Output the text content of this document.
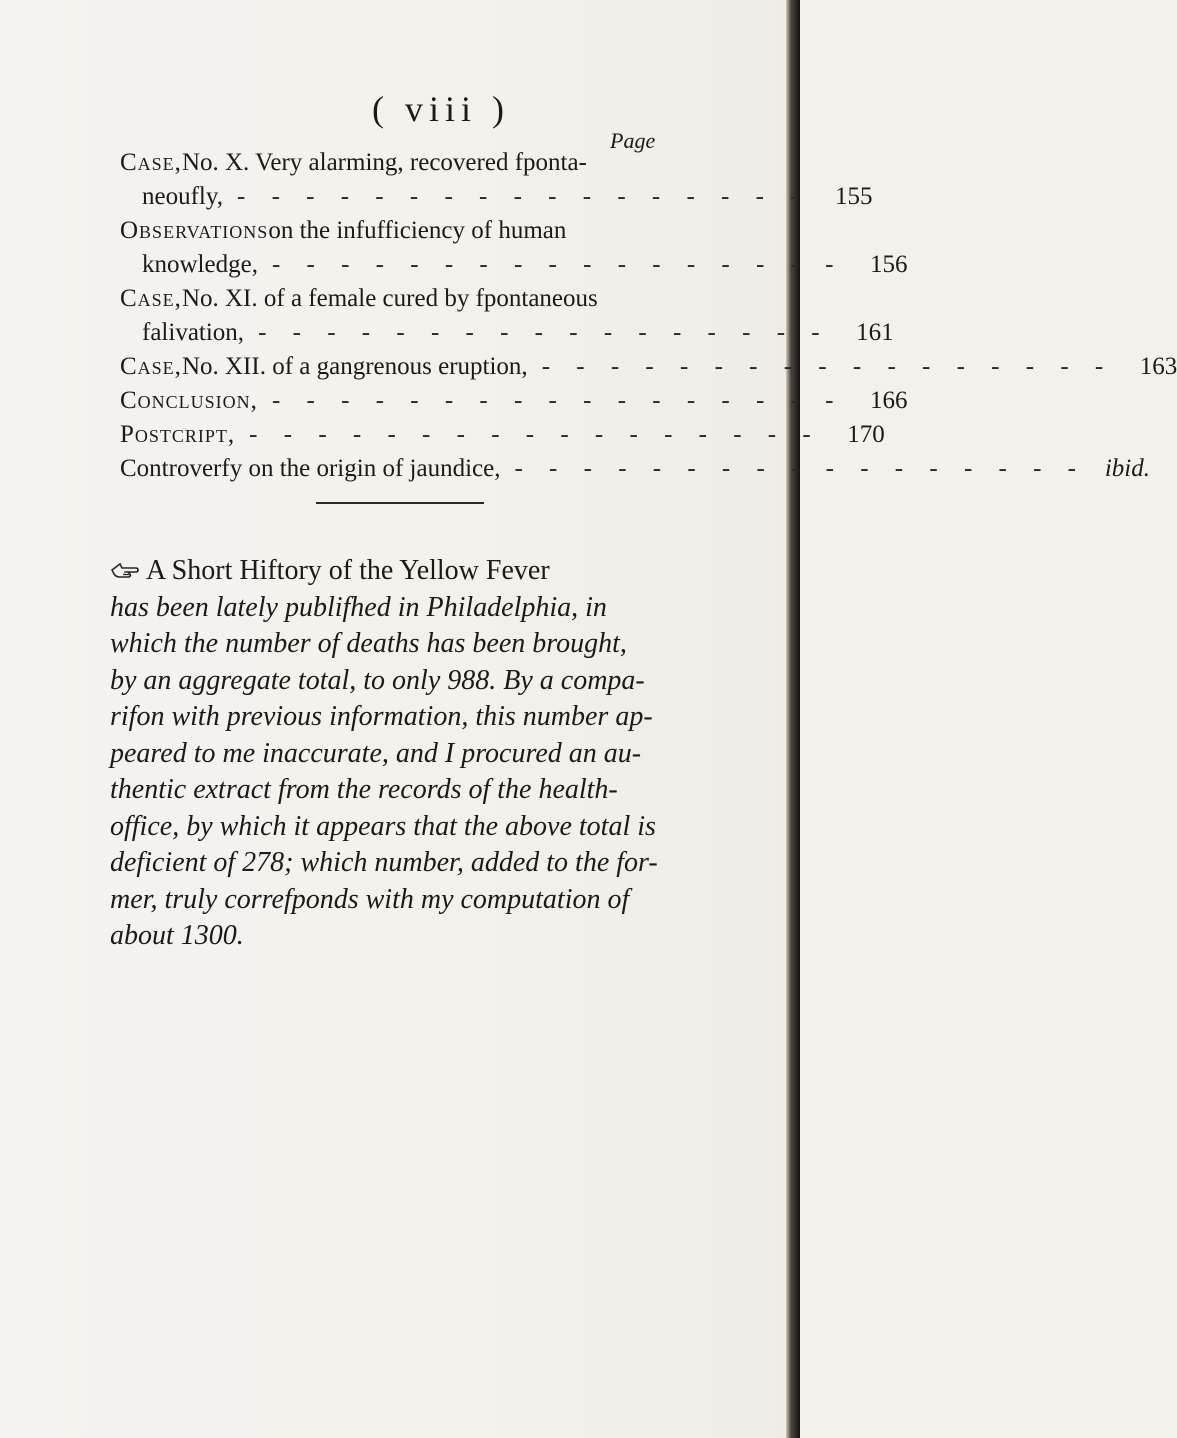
( viii )
Page
Case, No. X. Very alarming, recovered fponta-
neoufly, - - - - - - - - - - - - - - - - -	155
Observations on the infufficiency of human
knowledge, - - - - - - - - - - - - - - - - -	156
Case, No. XI. of a female cured by fpontaneous
falivation, - - - - - - - - - - - - - - - - -	161
Case, No. XII. of a gangrenous eruption, - - - - - - - - - - - - - - - - -	163
Conclusion, - - - - - - - - - - - - - - - - -	166
Postcript, - - - - - - - - - - - - - - - - -	170
Controverfy on the origin of jaundice, - - - - - - - - - - - - - - - - - ibid.
A Short Hiftory of the Yellow Fever
has been lately publifhed in Philadelphia, in
which the number of deaths has been brought,
by an aggregate total, to only 988. By a compa-
rifon with previous information, this number ap-
peared to me inaccurate, and I procured an au-
thentic extract from the records of the health-
office, by which it appears that the above total is
deficient of 278; which number, added to the for-
mer, truly correfponds with my computation of
about 1300.
